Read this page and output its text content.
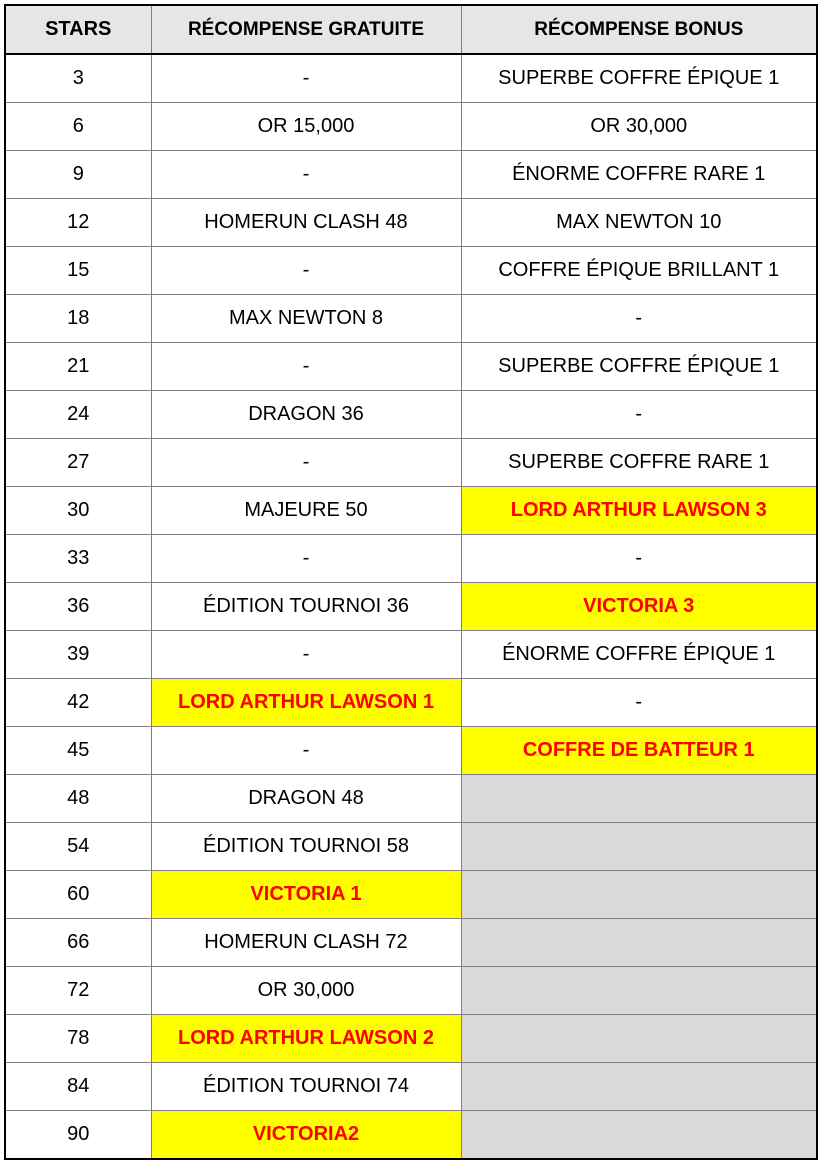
STARS	RÉCOMPENSE GRATUITE	RÉCOMPENSE BONUS
3	-	SUPERBE COFFRE ÉPIQUE 1
6	OR 15,000	OR 30,000
9	-	ÉNORME COFFRE RARE 1
12	HOMERUN CLASH 48	MAX NEWTON 10
15	-	COFFRE ÉPIQUE BRILLANT 1
18	MAX NEWTON 8	-
21	-	SUPERBE COFFRE ÉPIQUE 1
24	DRAGON 36	-
27	-	SUPERBE COFFRE RARE 1
30	MAJEURE 50	LORD ARTHUR LAWSON 3
33	-	-
36	ÉDITION TOURNOI 36	VICTORIA 3
39	-	ÉNORME COFFRE ÉPIQUE 1
42	LORD ARTHUR LAWSON 1	-
45	-	COFFRE DE BATTEUR 1
48	DRAGON 48	
54	ÉDITION TOURNOI 58	
60	VICTORIA 1	
66	HOMERUN CLASH 72	
72	OR 30,000	
78	LORD ARTHUR LAWSON 2	
84	ÉDITION TOURNOI 74	
90	VICTORIA2	
